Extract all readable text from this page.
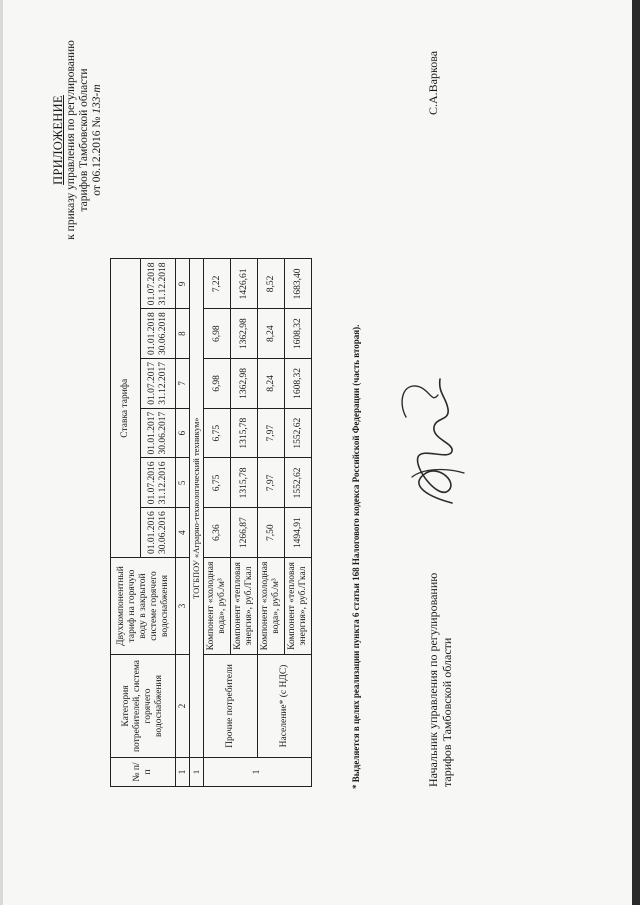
ПРИЛОЖЕНИЕ к приказу управления по регулированию тарифов Тамбовской области от 06.12.2016 № 133-т
№ п/п	Категория потребителей, система горячего водоснабжения	Двухкомпонентный тариф на горячую воду в закрытой системе горячего водоснабжения	Ставка тарифа					
			01.01.2016 30.06.2016	01.07.2016 31.12.2016	01.01.2017 30.06.2017	01.07.2017 31.12.2017	01.01.2018 30.06.2018	01.07.2018 31.12.2018
1	2	3	4	5	6	7	8	9
1	ТОГБПОУ «Аграрно-технологический техникум»							
1	Прочие потребители	Компонент «холодная вода», руб./м³	6,36	6,75	6,75	6,98	6,98	7,22
		Компонент «тепловая энергия», руб./Гкал	1266,87	1315,78	1315,78	1362,98	1362,98	1426,61
	Население* (с НДС)	Компонент «холодная вода», руб./м³	7,50	7,97	7,97	8,24	8,24	8,52
		Компонент «тепловая энергия», руб./Гкал	1494,91	1552,62	1552,62	1608,32	1608,32	1683,40
* Выделяется в целях реализации пункта 6 статьи 168 Налогового кодекса Российской Федерации (часть вторая).	Начальник управления по регулированию тарифов Тамбовской области
С.А.Варкова
